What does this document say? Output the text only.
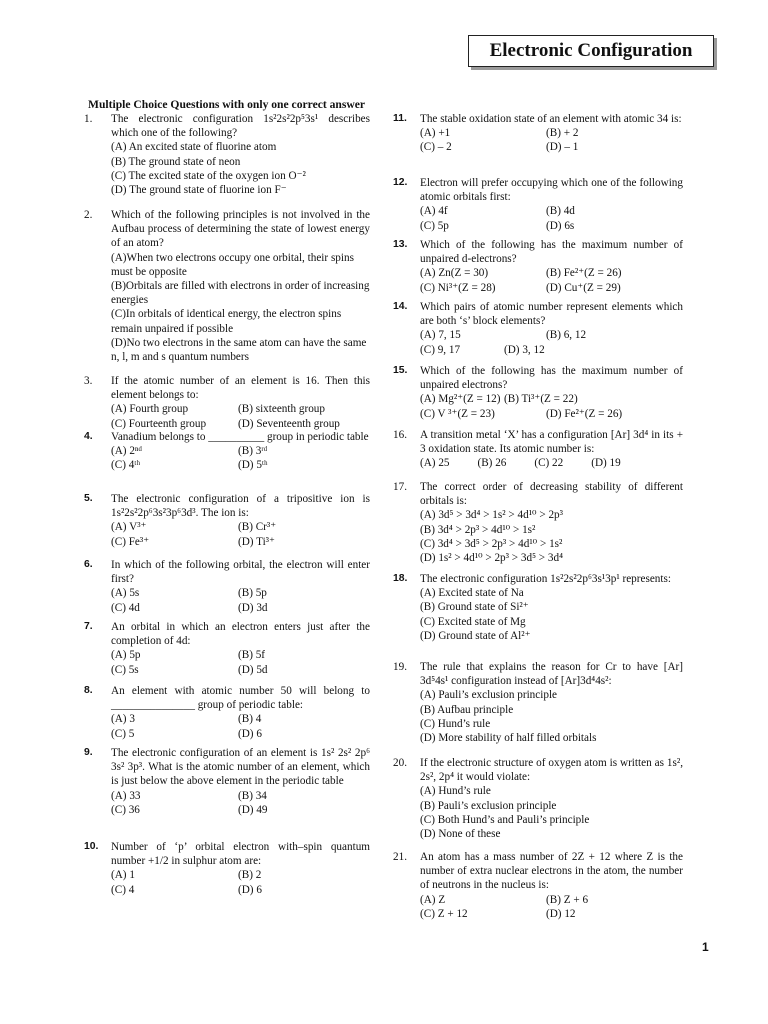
Electronic Configuration
Multiple Choice Questions with only one correct answer
1.	The electronic configuration 1s²2s²2p⁵3s¹ describes which one of the following?
(A) An excited state of fluorine atom
(B) The ground state of neon
(C) The excited state of the oxygen ion O⁻²
(D) The ground state of fluorine ion F⁻
2.	Which of the following principles is not involved in the Aufbau process of determining the state of lowest energy of an atom?
(A)When two electrons occupy one orbital, their spins must be opposite
(B)Orbitals are filled with electrons in order of increasing energies
(C)In orbitals of identical energy, the electron spins remain unpaired if possible
(D)No two electrons in the same atom can have the same n, l, m and s quantum numbers
3.	If the atomic number of an element is 16. Then this element belongs to:
(A) Fourth group	(B) sixteenth group
(C) Fourteenth group	(D) Seventeenth group
4.	Vanadium belongs to __________ group in periodic table
(A) 2ⁿᵈ	(B) 3ʳᵈ
(C) 4ᵗʰ	(D) 5ᵗʰ
5.	The electronic configuration of a tripositive ion is 1s²2s²2p⁶3s²3p⁶3d³. The ion is:
(A) V³⁺	(B) Cr³⁺
(C) Fe³⁺	(D) Ti³⁺
6.	In which of the following orbital, the electron will enter first?
(A) 5s	(B) 5p
(C) 4d	(D) 3d
7.	An orbital in which an electron enters just after the completion of 4d:
(A) 5p	(B) 5f
(C) 5s	(D) 5d
8.	An element with atomic number 50 will belong to _______________ group of periodic table:
(A) 3	(B) 4
(C) 5	(D) 6
9.	The electronic configuration of an element is 1s² 2s² 2p⁶ 3s² 3p³. What is the atomic number of an element, which is just below the above element in the periodic table
(A) 33	(B) 34
(C) 36	(D) 49
10.	Number of ‘p’ orbital electron with–spin quantum number +1/2 in sulphur atom are:
(A) 1	(B) 2
(C) 4	(D) 6
11.	The stable oxidation state of an element with atomic 34 is:
(A) +1	(B) + 2
(C) – 2	(D) – 1
12.	Electron will prefer occupying which one of the following atomic orbitals first:
(A) 4f	(B) 4d
(C) 5p	(D) 6s
13.	Which of the following has the maximum number of unpaired d-electrons?
(A) Zn(Z = 30)	(B) Fe²⁺(Z = 26)
(C) Ni³⁺(Z = 28)	(D) Cu⁺(Z = 29)
14.	Which pairs of atomic number represent elements which are both ‘s’ block elements?
(A) 7, 15	(B) 6, 12
(C) 9, 17	(D) 3, 12
15.	Which of the following has the maximum number of unpaired electrons?
(A) Mg²⁺(Z = 12) (B) Ti³⁺(Z = 22)
(C) V ³⁺(Z = 23)	(D) Fe²⁺(Z = 26)
16.	A transition metal ‘X’ has a configuration [Ar] 3d⁴ in its + 3 oxidation state. Its atomic number is:
(A) 25          (B) 26          (C) 22          (D) 19
17.	The correct order of decreasing stability of different orbitals is:
(A) 3d⁵ > 3d⁴ > 1s² > 4d¹⁰ > 2p³
(B) 3d⁴ > 2p³ > 4d¹⁰ > 1s²
(C) 3d⁴ > 3d⁵ > 2p³ > 4d¹⁰ > 1s²
(D) 1s² > 4d¹⁰ > 2p³ > 3d⁵ > 3d⁴
18.	The electronic configuration 1s²2s²2p⁶3s¹3p¹ represents:
(A) Excited state of Na
(B) Ground state of Si²⁺
(C) Excited state of Mg
(D) Ground state of Al²⁺
19.	The rule that explains the reason for Cr to have [Ar] 3d⁵4s¹ configuration instead of [Ar]3d⁴4s²:
(A) Pauli’s exclusion principle
(B) Aufbau principle
(C) Hund’s rule
(D) More stability of half filled orbitals
20.	If the electronic structure of oxygen atom is written as 1s², 2s², 2p⁴ it would violate:
(A) Hund’s rule
(B) Pauli’s exclusion principle
(C) Both Hund’s and Pauli’s principle
(D) None of these
21.	An atom has a mass number of 2Z + 12 where Z is the number of extra nuclear electrons in the atom, the number of neutrons in the nucleus is:
(A) Z	(B) Z + 6
(C) Z + 12	(D) 12
1
